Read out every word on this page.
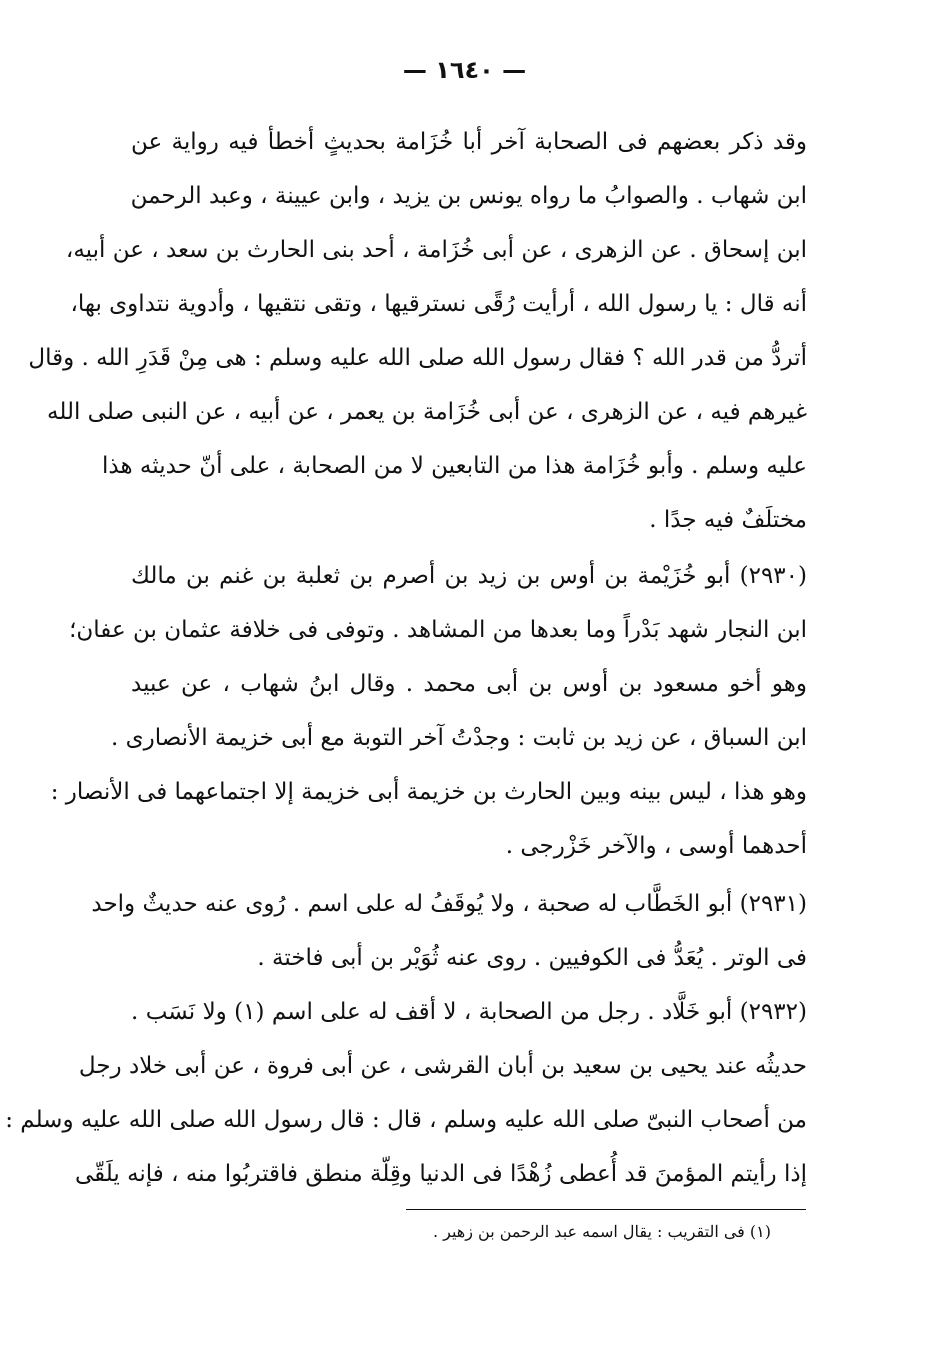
— ١٦٤٠ —
وقد ذكر بعضهم فى الصحابة آخر أبا خُزَامة بحديثٍ أخطأ فيه رواية عن
ابن شهاب . والصوابُ ما رواه يونس بن يزيد ، وابن عيينة ، وعبد الرحمن
ابن إسحاق . عن الزهرى ، عن أبى خُزَامة ، أحد بنى الحارث بن سعد ، عن أبيه،
أنه قال : يا رسول الله ، أرأيت رُقًى نسترقيها ، وتقى نتقيها ، وأدوية نتداوى بها،
أتردُّ من قدر الله ؟ فقال رسول الله صلى الله عليه وسلم : هى مِنْ قَدَرِ الله . وقال
غيرهم فيه ، عن الزهرى ، عن أبى خُزَامة بن يعمر ، عن أبيه ، عن النبى صلى الله
عليه وسلم . وأبو خُزَامة هذا من التابعين لا من الصحابة ، على أنّ حديثه هذا
مختلَفٌ فيه جدًا .
(٢٩٣٠) أبو خُزَيْمة بن أوس بن زيد بن أصرم بن ثعلبة بن غنم بن مالك
ابن النجار شهد بَدْراً وما بعدها من المشاهد . وتوفى فى خلافة عثمان بن عفان؛
وهو أخو مسعود بن أوس بن أبى محمد . وقال ابنُ شهاب ، عن عبيد
ابن السباق ، عن زيد بن ثابت : وجدْتُ آخر التوبة مع أبى خزيمة الأنصارى .
وهو هذا ، ليس بينه وبين الحارث بن خزيمة أبى خزيمة إلا اجتماعهما فى الأنصار :
أحدهما أوسى ، والآخر خَزْرجى .
(٢٩٣١) أبو الخَطَّاب له صحبة ، ولا يُوقَفُ له على اسم . رُوى عنه حديثٌ واحد
فى الوتر . يُعَدُّ فى الكوفيين . روى عنه ثُوَيْر بن أبى فاختة .
(٢٩٣٢) أبو خَلَّاد . رجل من الصحابة ، لا أقف له على اسم (١) ولا نَسَب .
حديثُه عند يحيى بن سعيد بن أبان القرشى ، عن أبى فروة ، عن أبى خلاد رجل
من أصحاب النبىّ صلى الله عليه وسلم ، قال : قال رسول الله صلى الله عليه وسلم :
إذا رأيتم المؤمنَ قد أُعطى زُهْدًا فى الدنيا وقِلّة منطق فاقتربُوا منه ، فإنه يلَقّى
(١) فى التقريب : يقال اسمه عبد الرحمن بن زهير .
